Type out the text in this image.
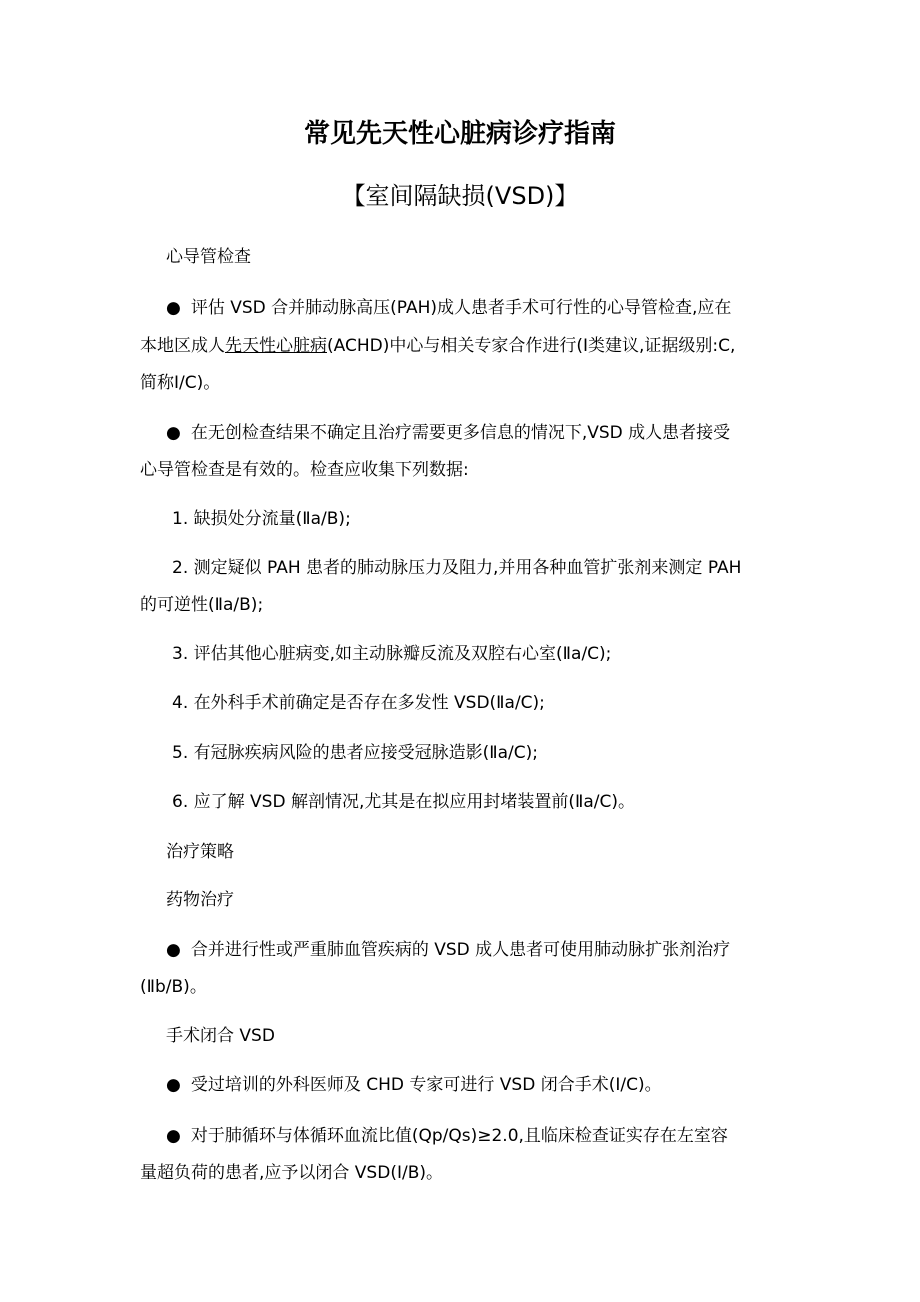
常见先天性心脏病诊疗指南
【室间隔缺损(VSD)】
心导管检查
● 评估 VSD 合并肺动脉高压(PAH)成人患者手术可行性的心导管检查,应在
本地区成人先天性心脏病(ACHD)中心与相关专家合作进行(Ⅰ类建议,证据级别:C,
简称Ⅰ/C)。
● 在无创检查结果不确定且治疗需要更多信息的情况下,VSD 成人患者接受
心导管检查是有效的。检查应收集下列数据:
1. 缺损处分流量(Ⅱa/B);
2. 测定疑似 PAH 患者的肺动脉压力及阻力,并用各种血管扩张剂来测定 PAH
的可逆性(Ⅱa/B);
3. 评估其他心脏病变,如主动脉瓣反流及双腔右心室(Ⅱa/C);
4. 在外科手术前确定是否存在多发性 VSD(Ⅱa/C);
5. 有冠脉疾病风险的患者应接受冠脉造影(Ⅱa/C);
6. 应了解 VSD 解剖情况,尤其是在拟应用封堵装置前(Ⅱa/C)。
治疗策略
药物治疗
● 合并进行性或严重肺血管疾病的 VSD 成人患者可使用肺动脉扩张剂治疗
(Ⅱb/B)。
手术闭合 VSD
● 受过培训的外科医师及 CHD 专家可进行 VSD 闭合手术(Ⅰ/C)。
● 对于肺循环与体循环血流比值(Qp/Qs)≥2.0,且临床检查证实存在左室容
量超负荷的患者,应予以闭合 VSD(Ⅰ/B)。
